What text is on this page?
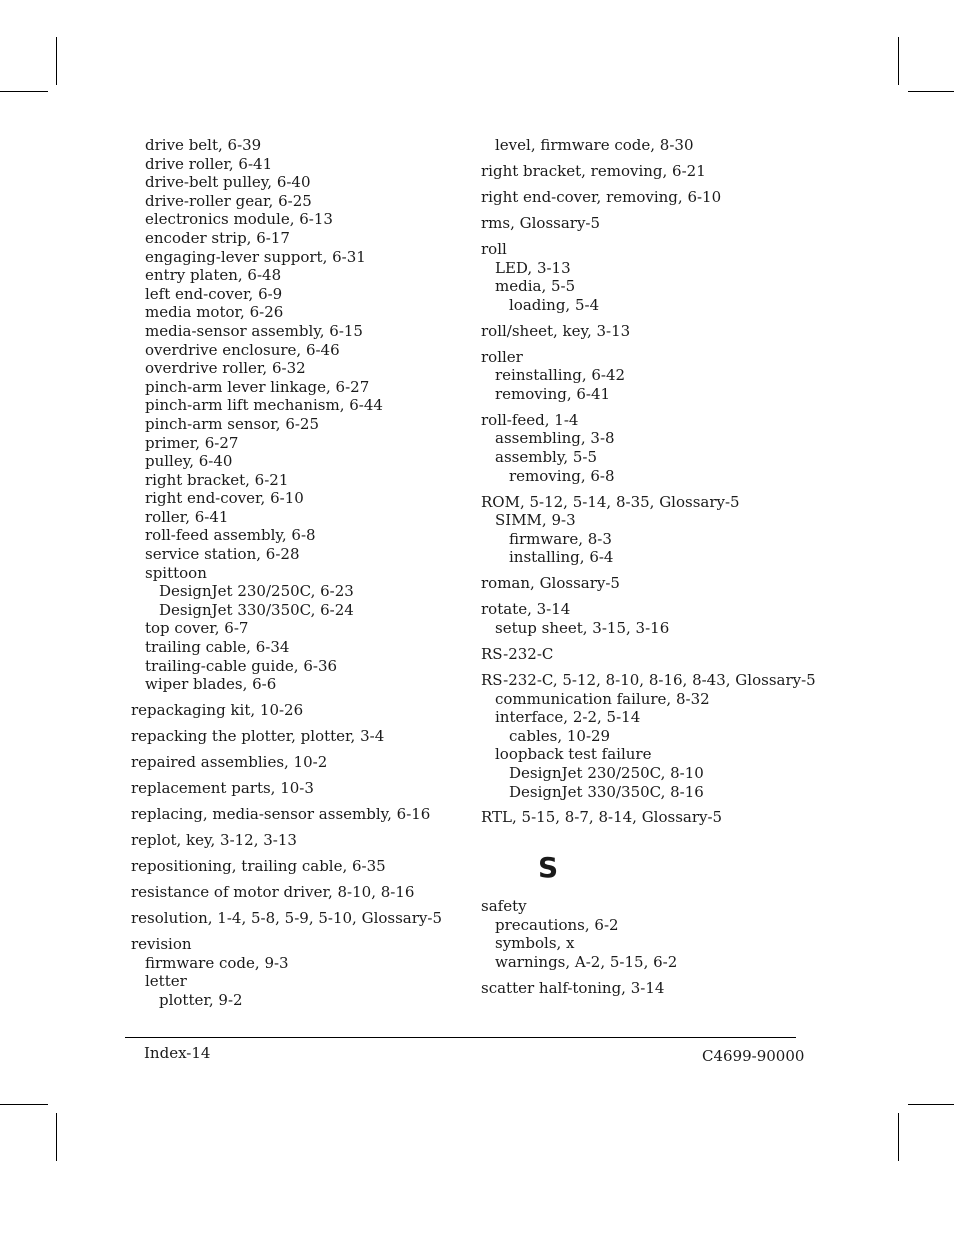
drive belt, 6-39
drive roller, 6-41
drive-belt pulley, 6-40
drive-roller gear, 6-25
electronics module, 6-13
encoder strip, 6-17
engaging-lever support, 6-31
entry platen, 6-48
left end-cover, 6-9
media motor, 6-26
media-sensor assembly, 6-15
overdrive enclosure, 6-46
overdrive roller, 6-32
pinch-arm lever linkage, 6-27
pinch-arm lift mechanism, 6-44
pinch-arm sensor, 6-25
primer, 6-27
pulley, 6-40
right bracket, 6-21
right end-cover, 6-10
roller, 6-41
roll-feed assembly, 6-8
service station, 6-28
spittoon
DesignJet 230/250C, 6-23
DesignJet 330/350C, 6-24
top cover, 6-7
trailing cable, 6-34
trailing-cable guide, 6-36
wiper blades, 6-6
repackaging kit, 10-26
repacking the plotter, plotter, 3-4
repaired assemblies, 10-2
replacement parts, 10-3
replacing, media-sensor assembly, 6-16
replot, key, 3-12, 3-13
repositioning, trailing cable, 6-35
resistance of motor driver, 8-10, 8-16
resolution, 1-4, 5-8, 5-9, 5-10, Glossary-5
revision
firmware code, 9-3
letter
plotter, 9-2
level, firmware code, 8-30
right bracket, removing, 6-21
right end-cover, removing, 6-10
rms, Glossary-5
roll
LED, 3-13
media, 5-5
loading, 5-4
roll/sheet, key, 3-13
roller
reinstalling, 6-42
removing, 6-41
roll-feed, 1-4
assembling, 3-8
assembly, 5-5
removing, 6-8
ROM, 5-12, 5-14, 8-35, Glossary-5
SIMM, 9-3
firmware, 8-3
installing, 6-4
roman, Glossary-5
rotate, 3-14
setup sheet, 3-15, 3-16
RS-232-C
RS-232-C, 5-12, 8-10, 8-16, 8-43, Glossary-5
communication failure, 8-32
interface, 2-2, 5-14
cables, 10-29
loopback test failure
DesignJet 230/250C, 8-10
DesignJet 330/350C, 8-16
RTL, 5-15, 8-7, 8-14, Glossary-5
S
safety
precautions, 6-2
symbols, x
warnings, A-2, 5-15, 6-2
scatter half-toning, 3-14
Index-14	C4699-90000
